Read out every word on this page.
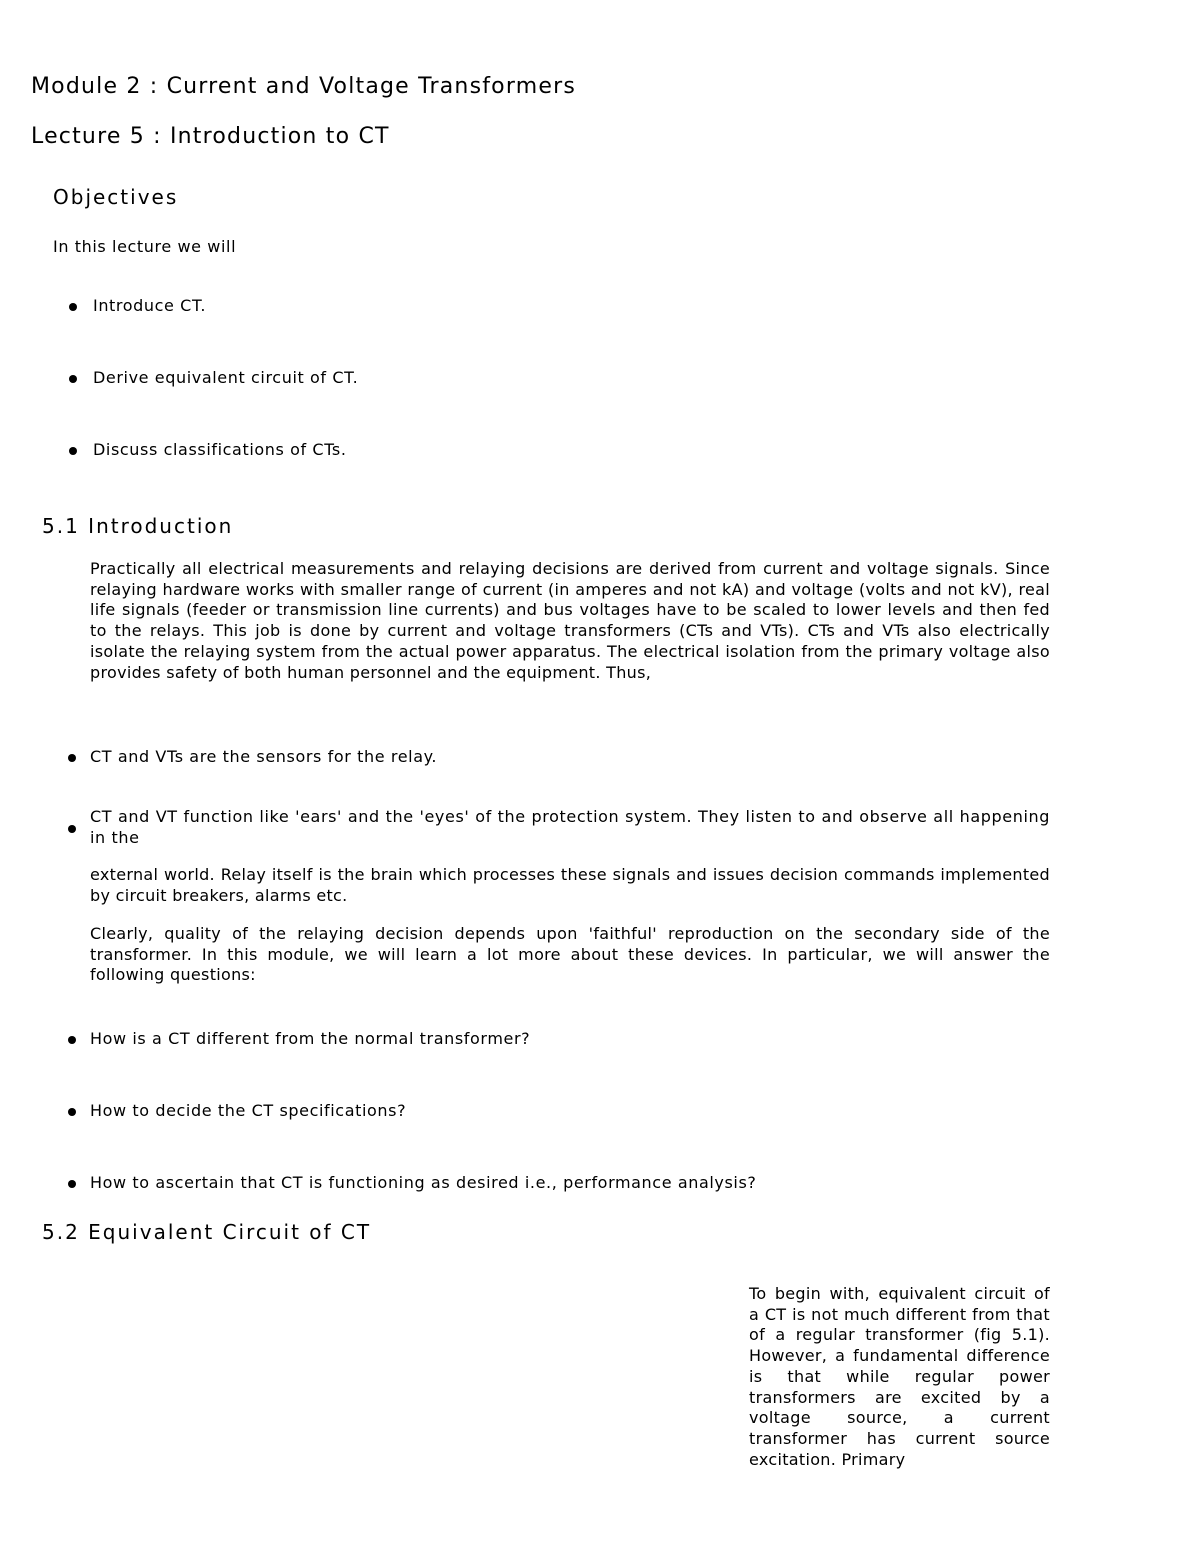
Module 2 : Current and Voltage Transformers
Lecture 5 : Introduction to CT
Objectives

In this lecture we will

Introduce CT.
Derive equivalent circuit of CT.
Discuss classifications of CTs.
5.1 Introduction

Practically all electrical measurements and relaying decisions are derived from current and voltage signals. Since relaying hardware works with smaller range of current (in amperes and not kA) and voltage (volts and not kV), real life signals (feeder or transmission line currents) and bus voltages have to be scaled to lower levels and then fed to the relays. This job is done by current and voltage transformers (CTs and VTs). CTs and VTs also electrically isolate the relaying system from the actual power apparatus. The electrical isolation from the primary voltage also provides safety of both human personnel and the equipment. Thus,

CT and VTs are the sensors for the relay.
CT and VT function like 'ears' and the 'eyes' of the protection system. They listen to and observe all happening in the

external world. Relay itself is the brain which processes these signals and issues decision commands implemented by circuit breakers, alarms etc.

Clearly, quality of the relaying decision depends upon 'faithful' reproduction on the secondary side of the transformer. In this module, we will learn a lot more about these devices. In particular, we will answer the following questions:

How is a CT different from the normal transformer?
How to decide the CT specifications?
How to ascertain that CT is functioning as desired i.e., performance analysis?
5.2 Equivalent Circuit of CT

To begin with, equivalent circuit of a CT is not much different from that of a regular transformer (fig 5.1). However, a fundamental difference is that while regular power transformers are excited by a voltage source, a current transformer has current source excitation. Primary
